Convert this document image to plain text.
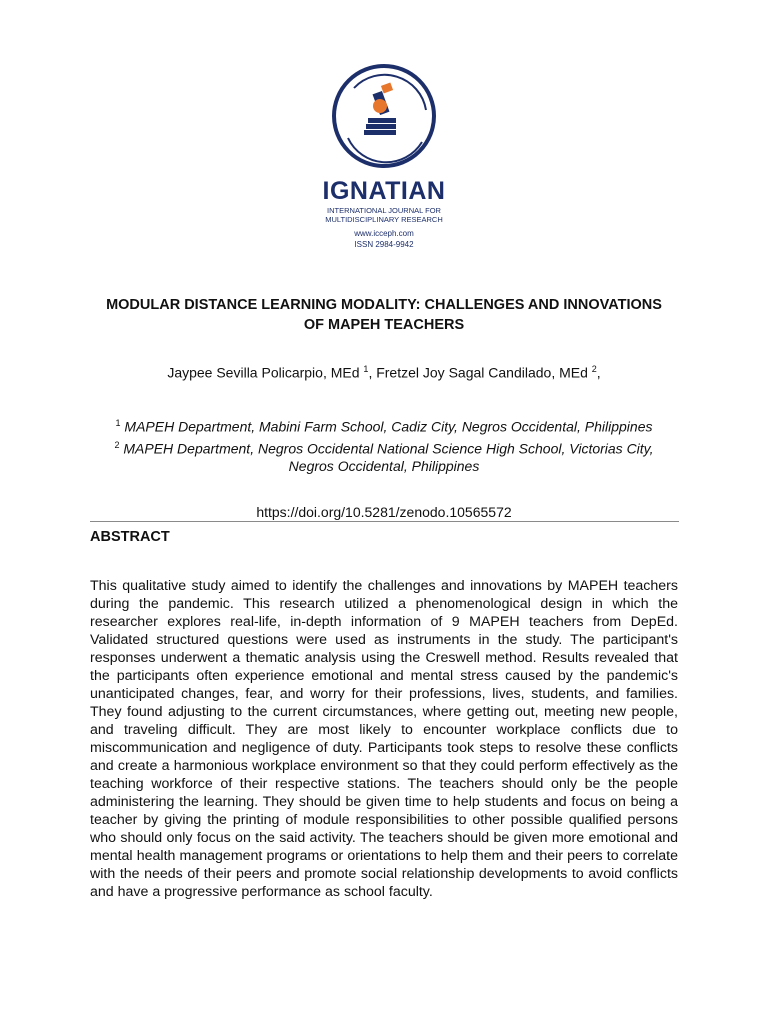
IGNATIAN
INTERNATIONAL JOURNAL FOR
MULTIDISCIPLINARY RESEARCH
www.icceph.com
ISSN 2984-9942
MODULAR DISTANCE LEARNING MODALITY: CHALLENGES AND INNOVATIONS
OF MAPEH TEACHERS
Jaypee Sevilla Policarpio, MEd $^1$, Fretzel Joy Sagal Candilado, MEd $^2$,
$^1$ MAPEH Department, Mabini Farm School, Cadiz City, Negros Occidental, Philippines
$^2$ MAPEH Department, Negros Occidental National Science High School, Victorias City,
Negros Occidental, Philippines
https://doi.org/10.5281/zenodo.10565572
ABSTRACT
This qualitative study aimed to identify the challenges and innovations by MAPEH teachers during the pandemic. This research utilized a phenomenological design in which the researcher explores real-life, in-depth information of 9 MAPEH teachers from DepEd. Validated structured questions were used as instruments in the study. The participant's responses underwent a thematic analysis using the Creswell method. Results revealed that the participants often experience emotional and mental stress caused by the pandemic's unanticipated changes, fear, and worry for their professions, lives, students, and families. They found adjusting to the current circumstances, where getting out, meeting new people, and traveling difficult. They are most likely to encounter workplace conflicts due to miscommunication and negligence of duty. Participants took steps to resolve these conflicts and create a harmonious workplace environment so that they could perform effectively as the teaching workforce of their respective stations. The teachers should only be the people administering the learning. They should be given time to help students and focus on being a teacher by giving the printing of module responsibilities to other possible qualified persons who should only focus on the said activity. The teachers should be given more emotional and mental health management programs or orientations to help them and their peers to correlate with the needs of their peers and promote social relationship developments to avoid conflicts and have a progressive performance as school faculty.
